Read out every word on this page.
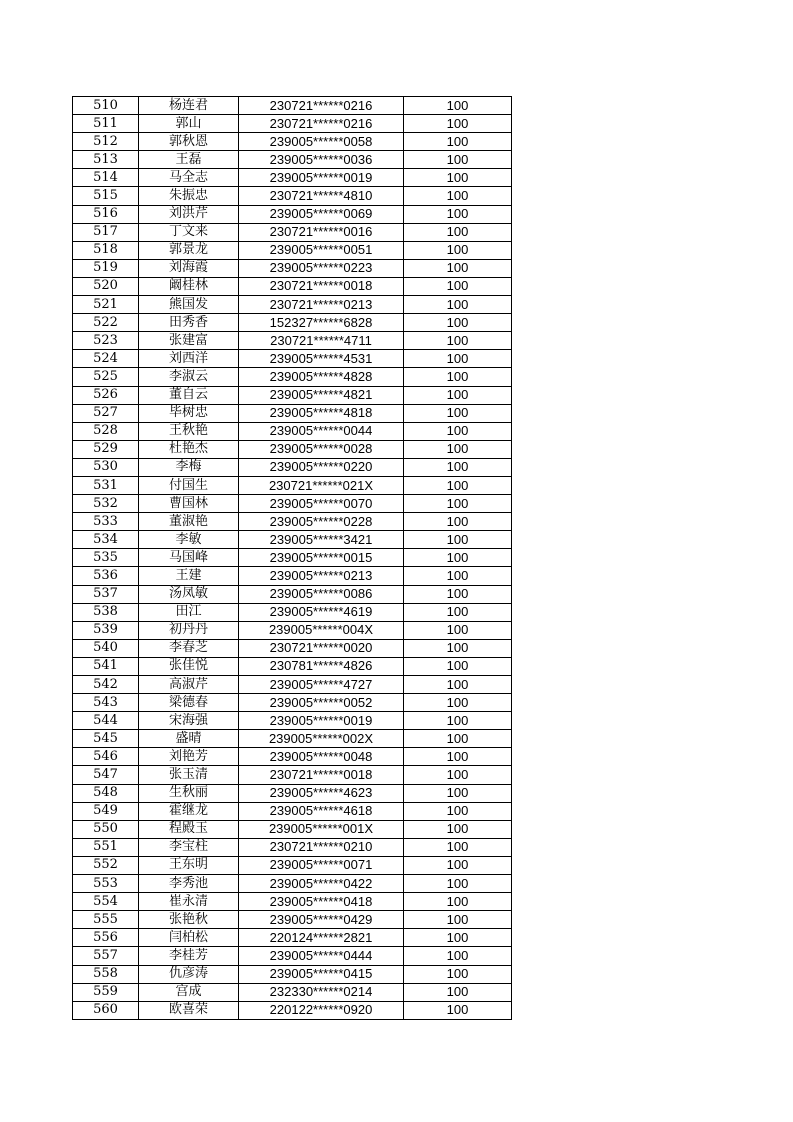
510	杨连君	230721******0216	100
511	郭山	230721******0216	100
512	郭秋恩	239005******0058	100
513	王磊	239005******0036	100
514	马全志	239005******0019	100
515	朱振忠	230721******4810	100
516	刘洪芹	239005******0069	100
517	丁文来	230721******0016	100
518	郭景龙	239005******0051	100
519	刘海霞	239005******0223	100
520	阚桂林	230721******0018	100
521	熊国发	230721******0213	100
522	田秀香	152327******6828	100
523	张建富	230721******4711	100
524	刘西洋	239005******4531	100
525	李淑云	239005******4828	100
526	董自云	239005******4821	100
527	毕树忠	239005******4818	100
528	王秋艳	239005******0044	100
529	杜艳杰	239005******0028	100
530	李梅	239005******0220	100
531	付国生	230721******021X	100
532	曹国林	239005******0070	100
533	董淑艳	239005******0228	100
534	李敏	239005******3421	100
535	马国峰	239005******0015	100
536	王建	239005******0213	100
537	汤凤敏	239005******0086	100
538	田江	239005******4619	100
539	初丹丹	239005******004X	100
540	李春芝	230721******0020	100
541	张佳悦	230781******4826	100
542	高淑芹	239005******4727	100
543	梁德春	239005******0052	100
544	宋海强	239005******0019	100
545	盛晴	239005******002X	100
546	刘艳芳	239005******0048	100
547	张玉清	230721******0018	100
548	生秋丽	239005******4623	100
549	霍继龙	239005******4618	100
550	程殿玉	239005******001X	100
551	李宝柱	230721******0210	100
552	王东明	239005******0071	100
553	李秀池	239005******0422	100
554	崔永清	239005******0418	100
555	张艳秋	239005******0429	100
556	闫柏松	220124******2821	100
557	李桂芳	239005******0444	100
558	仇彦涛	239005******0415	100
559	宫成	232330******0214	100
560	欧喜荣	220122******0920	100
